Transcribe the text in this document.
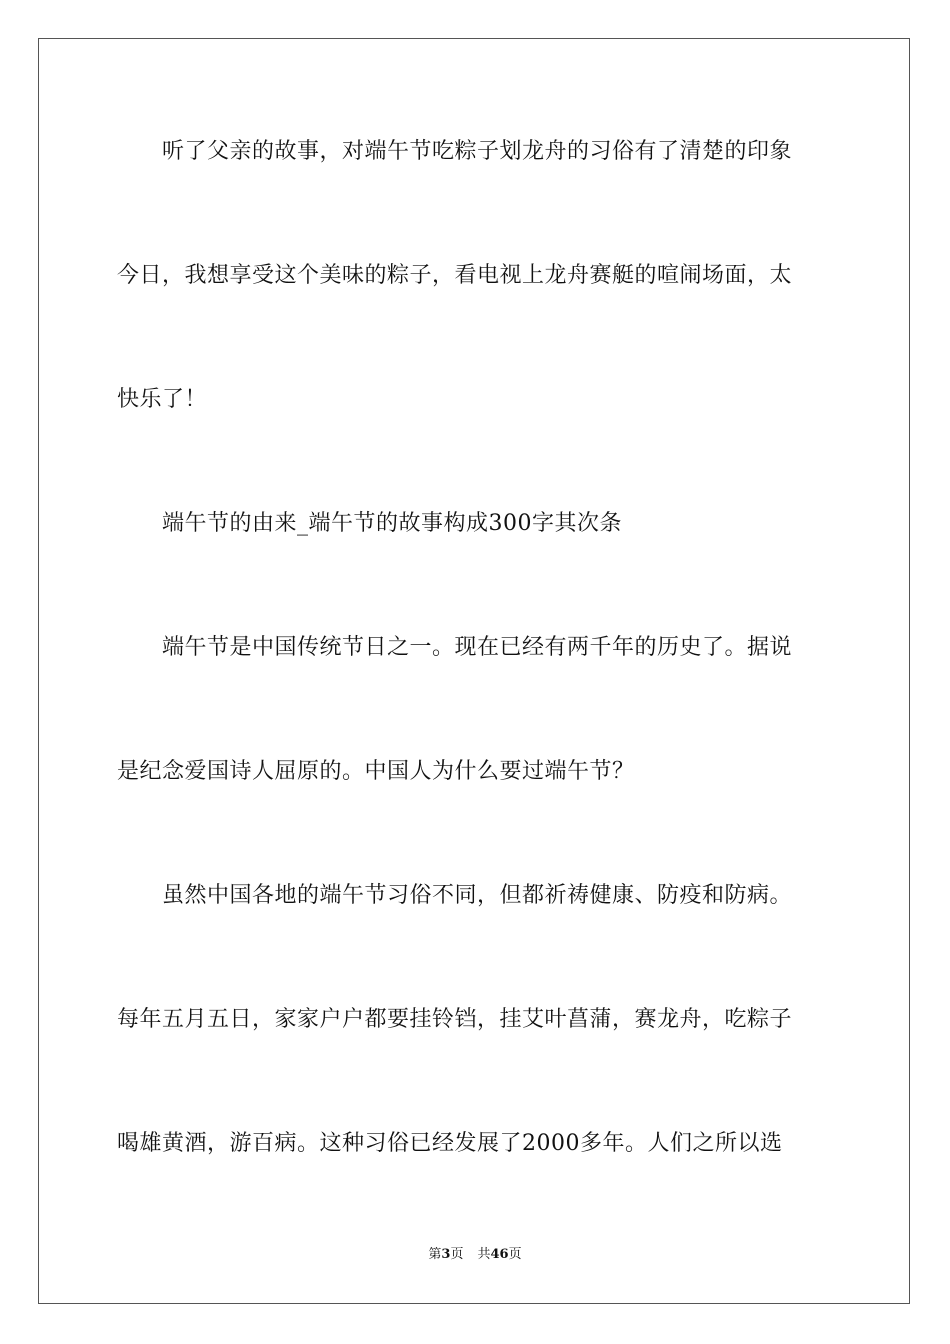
　　听了父亲的故事，对端午节吃粽子划龙舟的习俗有了清楚的印象
今日，我想享受这个美味的粽子，看电视上龙舟赛艇的喧闹场面，太
快乐了！
　　端午节的由来_端午节的故事构成300字其次条
　　端午节是中国传统节日之一。现在已经有两千年的历史了。据说
是纪念爱国诗人屈原的。中国人为什么要过端午节？
　　虽然中国各地的端午节习俗不同，但都祈祷健康、防疫和防病。
每年五月五日，家家户户都要挂铃铛，挂艾叶菖蒲，赛龙舟，吃粽子
喝雄黄酒，游百病。这种习俗已经发展了2000多年。人们之所以选
第3页 共46页
